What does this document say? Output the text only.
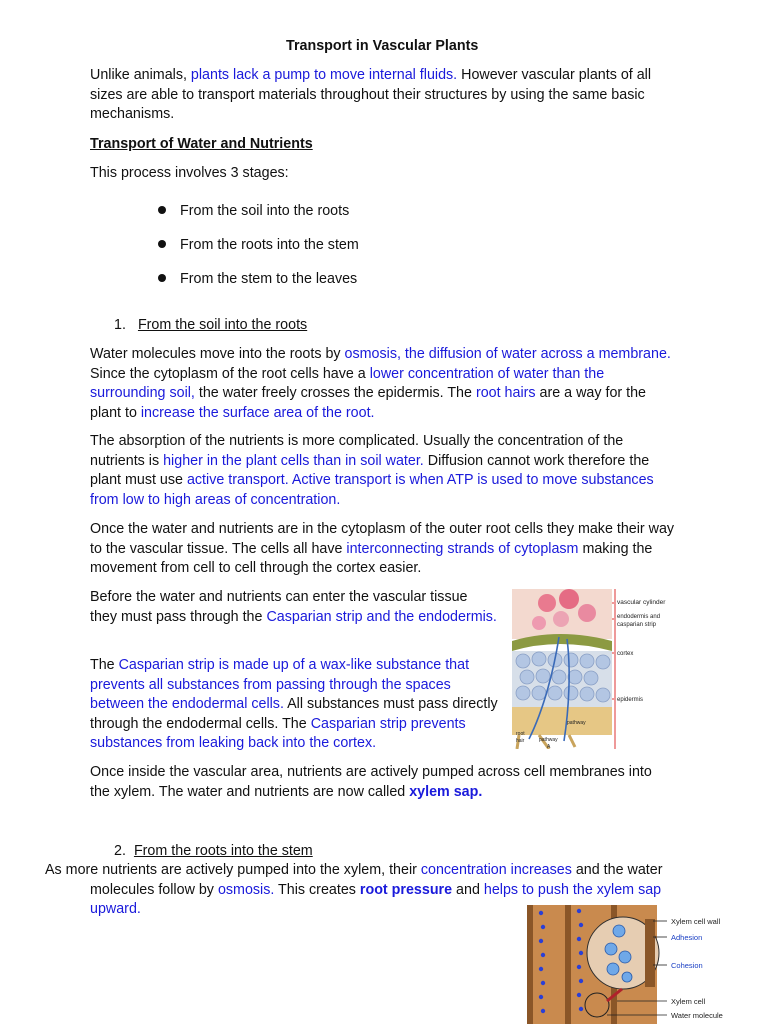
Transport in Vascular Plants

Unlike animals, plants lack a pump to move internal fluids. However vascular plants of all sizes are able to transport materials throughout their structures by using the same basic mechanisms.

Transport of Water and Nutrients
This process involves 3 stages:
From the soil into the roots
From the roots into the stem
From the stem to the leaves
1. From the soil into the roots

Water molecules move into the roots by osmosis, the diffusion of water across a membrane. Since the cytoplasm of the root cells have a lower concentration of water than the surrounding soil, the water freely crosses the epidermis. The root hairs are a way for the plant to increase the surface area of the root.

The absorption of the nutrients is more complicated. Usually the concentration of the nutrients is higher in the plant cells than in soil water. Diffusion cannot work therefore the plant must use active transport. Active transport is when ATP is used to move substances from low to high areas of concentration.

Once the water and nutrients are in the cytoplasm of the outer root cells they make their way to the vascular tissue. The cells all have interconnecting strands of cytoplasm making the movement from cell to cell through the cortex easier.

Before the water and nutrients can enter the vascular tissue they must pass through the Casparian strip and the endodermis.

The Casparian strip is made up of a wax-like substance that prevents all substances from passing through the spaces between the endodermal cells. All substances must pass directly through the endodermal cells. The Casparian strip prevents substances from leaking back into the cortex.

vascular cylinder
endodermis and
casparian strip
cortex
epidermis
pathway
root
hair	pathway
A

Once inside the vascular area, nutrients are actively pumped across cell membranes into the xylem. The water and nutrients are now called xylem sap.

2. From the roots into the stem

As more nutrients are actively pumped into the xylem, their concentration increases and the water molecules follow by osmosis. This creates root pressure and helps to push the xylem sap upward.

Xylem cell wall
Adhesion
Cohesion
Xylem cell
Water molecule
